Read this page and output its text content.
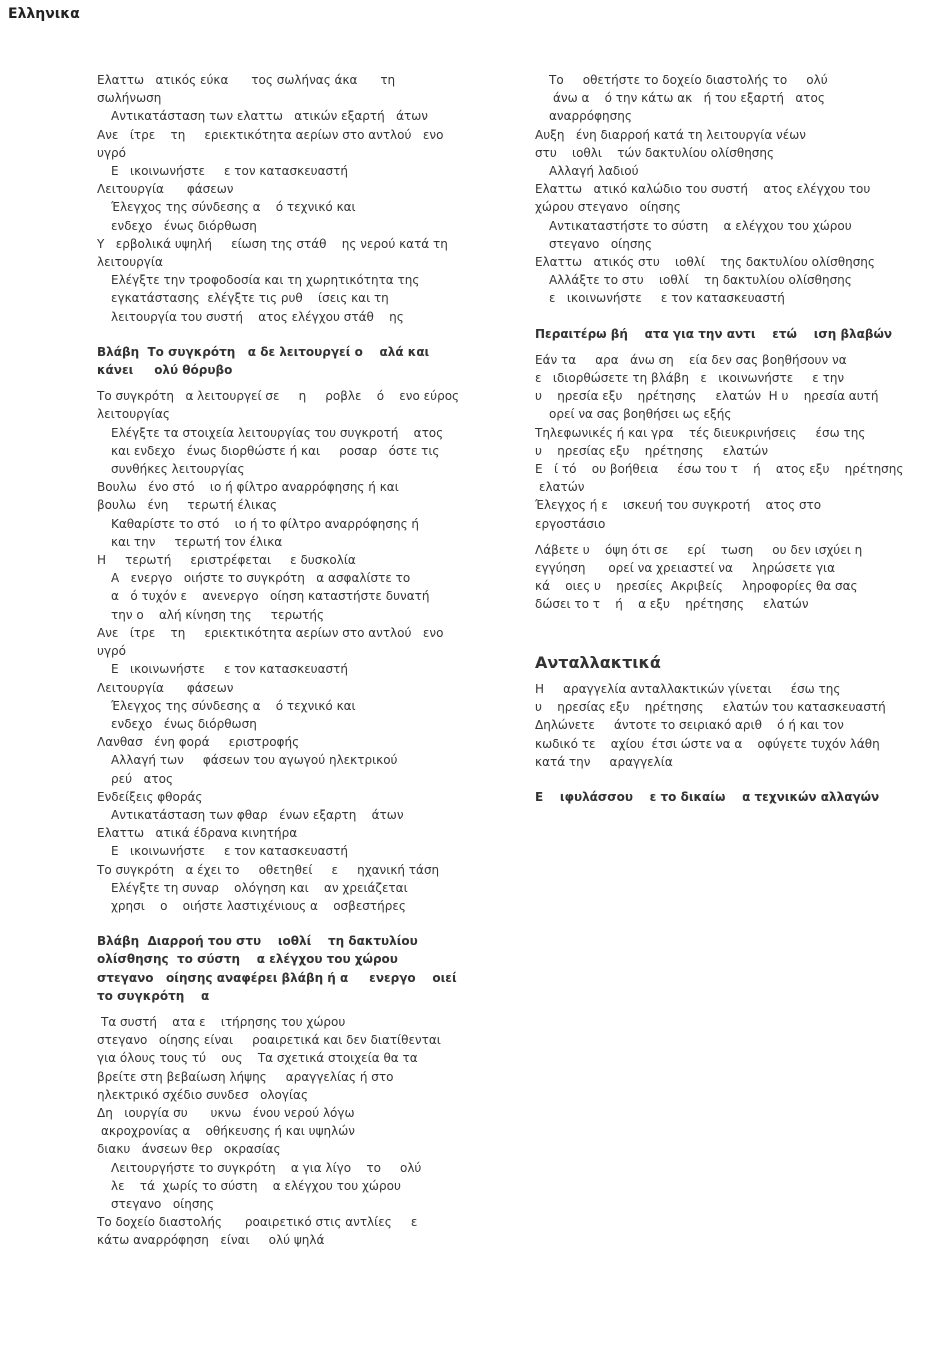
Ελληνικα
Ελαττω   ατικός εύκα      τος σωλήνας άκα      τη
σωλήνωση
Αντικατάσταση των ελαττω   ατικών εξαρτή   άτων
Ανε   ίτρε    τη     εριεκτικότητα αερίων στο αντλού   ενο
υγρό
Ε   ικοινωνήστε     ε τον κατασκευαστή
Λειτουργία      φάσεων
Έλεγχος της σύνδεσης α    ό τεχνικό και
ενδεχο   ένως διόρθωση
Υ   ερβολικά υψηλή     είωση της στάθ    ης νερού κατά τη
λειτουργία
Ελέγξτε την τροφοδοσία και τη χωρητικότητα της
εγκατάστασης  ελέγξτε τις ρυθ    ίσεις και τη
λειτουργία του συστή    ατος ελέγχου στάθ    ης
Βλάβη  Το συγκρότη   α δε λειτουργεί ο    αλά και
κάνει     ολύ θόρυβο
Το συγκρότη   α λειτουργεί σε     η     ροβλε    ό    ενο εύρος
λειτουργίας
Ελέγξτε τα στοιχεία λειτουργίας του συγκροτή    ατος
και ενδεχο   ένως διορθώστε ή και     ροσαρ   όστε τις
συνθήκες λειτουργίας
Βουλω   ένο στό    ιο ή φίλτρο αναρρόφησης ή και
βουλω   ένη     τερωτή έλικας
Καθαρίστε το στό    ιο ή το φίλτρο αναρρόφησης ή
και την     τερωτή τον έλικα
Η     τερωτή     εριστρέφεται     ε δυσκολία
Α   ενεργο   οιήστε το συγκρότη   α ασφαλίστε το
α   ό τυχόν ε    ανενεργο   οίηση καταστήστε δυνατή
την ο    αλή κίνηση της     τερωτής
Ανε   ίτρε    τη     εριεκτικότητα αερίων στο αντλού   ενο
υγρό
Ε   ικοινωνήστε     ε τον κατασκευαστή
Λειτουργία      φάσεων
Έλεγχος της σύνδεσης α    ό τεχνικό και
ενδεχο   ένως διόρθωση
Λανθασ   ένη φορά     εριστροφής
Αλλαγή των     φάσεων του αγωγού ηλεκτρικού
ρεύ   ατος
Ενδείξεις φθοράς
Αντικατάσταση των φθαρ   ένων εξαρτη    άτων
Ελαττω   ατικά έδρανα κινητήρα
Ε   ικοινωνήστε     ε τον κατασκευαστή
Το συγκρότη   α έχει το     οθετηθεί     ε     ηχανική τάση
Ελέγξτε τη συναρ    ολόγηση και    αν χρειάζεται
χρησι    ο    οιήστε λαστιχένιους α    οσβεστήρες
Βλάβη  Διαρροή του στυ    ιοθλί    τη δακτυλίου
ολίσθησης  το σύστη    α ελέγχου του χώρου
στεγανο   οίησης αναφέρει βλάβη ή α     ενεργο    οιεί
το συγκρότη    α
Τα συστή    ατα ε    ιτήρησης του χώρου
στεγανο   οίησης είναι     ροαιρετικά και δεν διατίθενται
για όλους τους τύ    ους    Τα σχετικά στοιχεία θα τα
βρείτε στη βεβαίωση λήψης     αραγγελίας ή στο
ηλεκτρικό σχέδιο συνδεσ   ολογίας
Δη   ιουργία συ      υκνω   ένου νερού λόγω
ακροχρονίας α    οθήκευσης ή και υψηλών
διακυ   άνσεων θερ   οκρασίας
Λειτουργήστε το συγκρότη    α για λίγο    το     ολύ
λε    τά  χωρίς το σύστη    α ελέγχου του χώρου
στεγανο   οίησης
Το δοχείο διαστολής      ροαιρετικό στις αντλίες     ε
κάτω αναρρόφηση   είναι     ολύ ψηλά
Το     οθετήστε το δοχείο διαστολής το     ολύ
άνω α    ό την κάτω ακ   ή του εξαρτή   ατος
αναρρόφησης
Αυξη   ένη διαρροή κατά τη λειτουργία νέων
στυ    ιοθλι    τών δακτυλίου ολίσθησης
Αλλαγή λαδιού
Ελαττω   ατικό καλώδιο του συστή    ατος ελέγχου του
χώρου στεγανο   οίησης
Αντικαταστήστε το σύστη    α ελέγχου του χώρου
στεγανο   οίησης
Ελαττω   ατικός στυ    ιοθλί    της δακτυλίου ολίσθησης
Αλλάξτε το στυ    ιοθλί    τη δακτυλίου ολίσθησης
ε   ικοινωνήστε     ε τον κατασκευαστή
Περαιτέρω βή    ατα για την αντι    ετώ    ιση βλαβών
Εάν τα     αρα   άνω ση    εία δεν σας βοηθήσουν να
ε   ιδιορθώσετε τη βλάβη   ε   ικοινωνήστε     ε την
υ    ηρεσία εξυ    ηρέτησης     ελατών  Η υ    ηρεσία αυτή
ορεί να σας βοηθήσει ως εξής
Τηλεφωνικές ή και γρα    τές διευκρινήσεις     έσω της
υ    ηρεσίας εξυ    ηρέτησης     ελατών
Ε   ί τό    ου βοήθεια     έσω του τ    ή    ατος εξυ    ηρέτησης
ελατών
Έλεγχος ή ε    ισκευή του συγκροτή    ατος στο
εργοστάσιο
Λάβετε υ    όψη ότι σε     ερί    τωση     ου δεν ισχύει η
εγγύηση      ορεί να χρειαστεί να     ληρώσετε για
κά    οιες υ    ηρεσίες  Ακριβείς     ληροφορίες θα σας
δώσει το τ    ή    α εξυ    ηρέτησης     ελατών
Ανταλλακτικά
Η     αραγγελία ανταλλακτικών γίνεται     έσω της
υ    ηρεσίας εξυ    ηρέτησης     ελατών του κατασκευαστή
Δηλώνετε     άντοτε το σειριακό αριθ    ό ή και τον
κωδικό τε    αχίου  έτσι ώστε να α    οφύγετε τυχόν λάθη
κατά την     αραγγελία
Ε    ιφυλάσσου    ε το δικαίω    α τεχνικών αλλαγών
